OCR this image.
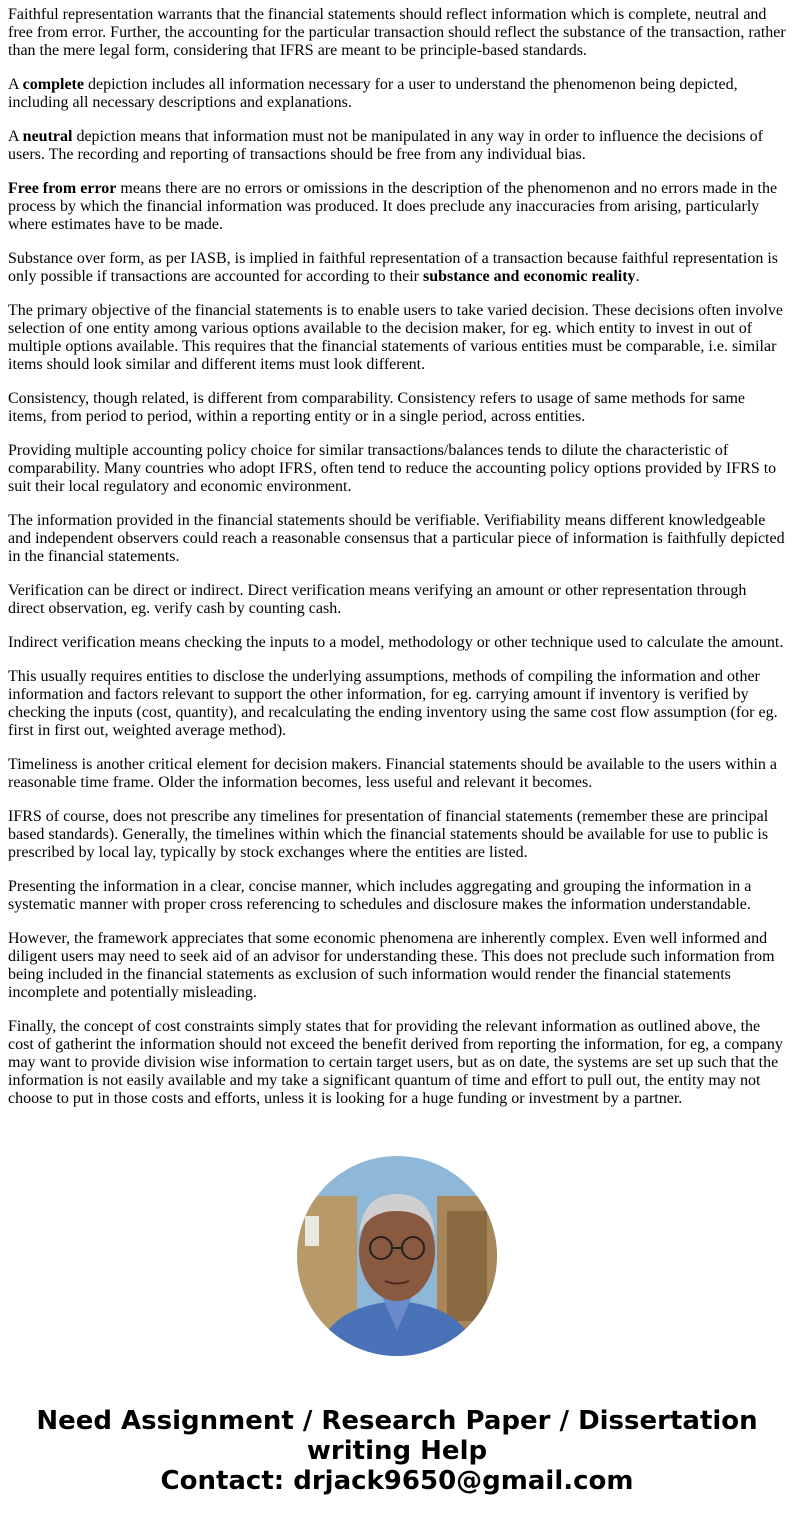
Faithful representation warrants that the financial statements should reflect information which is complete, neutral and free from error. Further, the accounting for the particular transaction should reflect the substance of the transaction, rather than the mere legal form, considering that IFRS are meant to be principle-based standards.

A complete depiction includes all information necessary for a user to understand the phenomenon being depicted, including all necessary descriptions and explanations.

A neutral depiction means that information must not be manipulated in any way in order to influence the decisions of users. The recording and reporting of transactions should be free from any individual bias.

Free from error means there are no errors or omissions in the description of the phenomenon and no errors made in the process by which the financial information was produced. It does preclude any inaccuracies from arising, particularly where estimates have to be made.

Substance over form, as per IASB, is implied in faithful representation of a transaction because faithful representation is only possible if transactions are accounted for according to their substance and economic reality.

The primary objective of the financial statements is to enable users to take varied decision. These decisions often involve selection of one entity among various options available to the decision maker, for eg. which entity to invest in out of multiple options available. This requires that the financial statements of various entities must be comparable, i.e. similar items should look similar and different items must look different.

Consistency, though related, is different from comparability. Consistency refers to usage of same methods for same items, from period to period, within a reporting entity or in a single period, across entities.

Providing multiple accounting policy choice for similar transactions/balances tends to dilute the characteristic of comparability. Many countries who adopt IFRS, often tend to reduce the accounting policy options provided by IFRS to suit their local regulatory and economic environment.

The information provided in the financial statements should be verifiable. Verifiability means different knowledgeable and independent observers could reach a reasonable consensus that a particular piece of information is faithfully depicted in the financial statements.

Verification can be direct or indirect. Direct verification means verifying an amount or other representation through direct observation, eg. verify cash by counting cash.

Indirect verification means checking the inputs to a model, methodology or other technique used to calculate the amount.

This usually requires entities to disclose the underlying assumptions, methods of compiling the information and other information and factors relevant to support the other information, for eg. carrying amount if inventory is verified by checking the inputs (cost, quantity), and recalculating the ending inventory using the same cost flow assumption (for eg. first in first out, weighted average method).

Timeliness is another critical element for decision makers. Financial statements should be available to the users within a reasonable time frame. Older the information becomes, less useful and relevant it becomes.

IFRS of course, does not prescribe any timelines for presentation of financial statements (remember these are principal based standards). Generally, the timelines within which the financial statements should be available for use to public is prescribed by local lay, typically by stock exchanges where the entities are listed.

Presenting the information in a clear, concise manner, which includes aggregating and grouping the information in a systematic manner with proper cross referencing to schedules and disclosure makes the information understandable.

However, the framework appreciates that some economic phenomena are inherently complex. Even well informed and diligent users may need to seek aid of an advisor for understanding these. This does not preclude such information from being included in the financial statements as exclusion of such information would render the financial statements incomplete and potentially misleading.

Finally, the concept of cost constraints simply states that for providing the relevant information as outlined above, the cost of gatherint the information should not exceed the benefit derived from reporting the information, for eg, a company may want to provide division wise information to certain target users, but as on date, the systems are set up such that the information is not easily available and my take a significant quantum of time and effort to pull out, the entity may not choose to put in those costs and efforts, unless it is looking for a huge funding or investment by a partner.

Need Assignment / Research Paper / Dissertation writing Help
Contact: drjack9650@gmail.com
